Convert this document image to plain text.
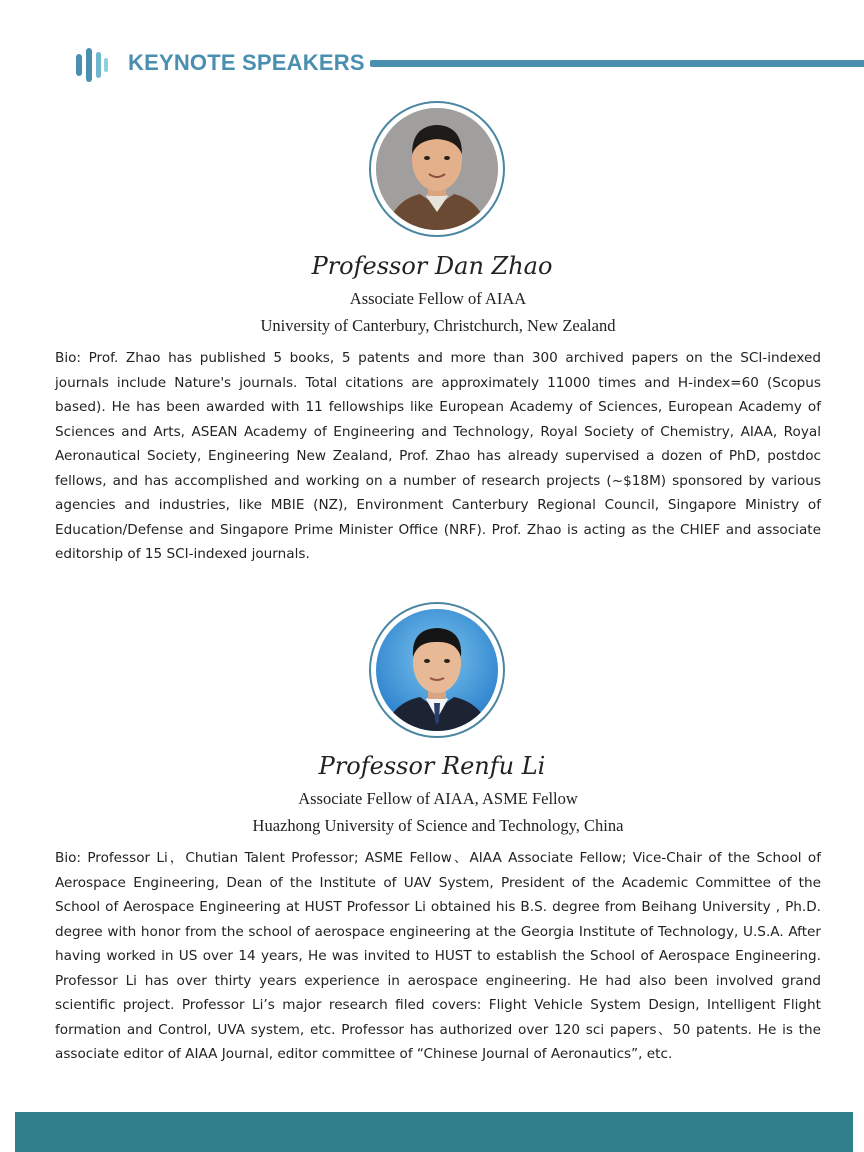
KEYNOTE SPEAKERS
Professor Dan Zhao
Associate Fellow of AIAA
University of Canterbury, Christchurch, New Zealand
Bio: Prof. Zhao has published 5 books, 5 patents and more than 300 archived papers on the SCI-indexed journals include Nature's journals. Total citations are approximately 11000 times and H-index=60 (Scopus based). He has been awarded with 11 fellowships like European Academy of Sciences, European Academy of Sciences and Arts, ASEAN Academy of Engineering and Technology, Royal Society of Chemistry, AIAA, Royal Aeronautical Society, Engineering New Zealand, Prof. Zhao has already supervised a dozen of PhD, postdoc fellows, and has accomplished and working on a number of research projects (~$18M) sponsored by various agencies and industries, like MBIE (NZ), Environment Canterbury Regional Council, Singapore Ministry of Education/Defense and Singapore Prime Minister Office (NRF). Prof. Zhao is acting as the CHIEF and associate editorship of 15 SCI-indexed journals.
Professor Renfu Li
Associate Fellow of AIAA, ASME Fellow
Huazhong University of Science and Technology, China
Bio: Professor Li，Chutian Talent Professor; ASME Fellow、AIAA Associate Fellow; Vice-Chair of the School of Aerospace Engineering, Dean of the Institute of UAV System, President of the Academic Committee of the School of Aerospace Engineering at HUST Professor Li obtained his B.S. degree from Beihang University , Ph.D. degree with honor from the school of aerospace engineering at the Georgia Institute of Technology, U.S.A. After having worked in US over 14 years, He was invited to HUST to establish the School of Aerospace Engineering. Professor Li has over thirty years experience in aerospace engineering. He had also been involved grand scientific project. Professor Li’s major research filed covers: Flight Vehicle System Design, Intelligent Flight formation and Control, UVA system, etc. Professor has authorized over 120 sci papers、50 patents. He is the associate editor of AIAA Journal, editor committee of “Chinese Journal of Aeronautics”, etc.
